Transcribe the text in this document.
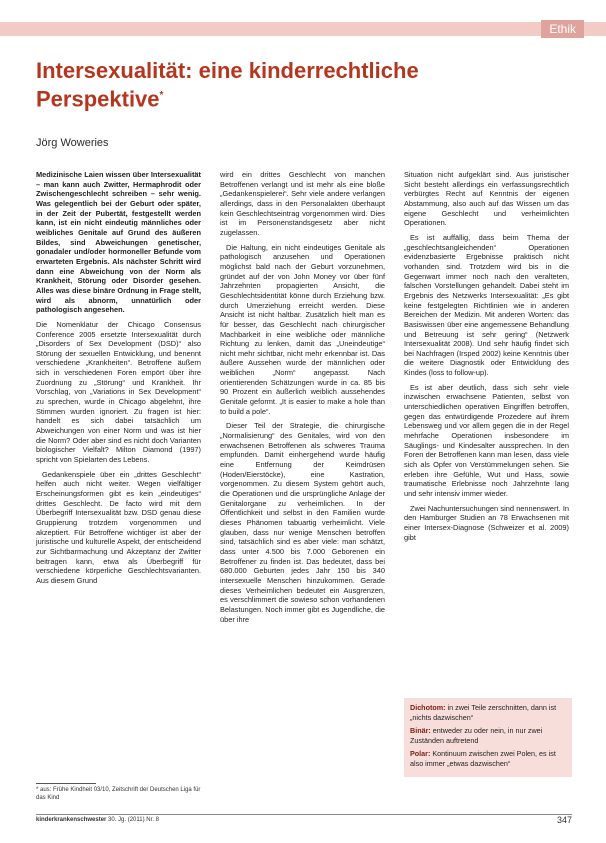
Ethik
Intersexualität: eine kinderrechtliche Perspektive*
Jörg Woweries

Medizinische Laien wissen über Intersexualität – man kann auch Zwitter, Hermaphrodit oder Zwischengeschlecht schreiben – sehr wenig. Was gelegentlich bei der Geburt oder später, in der Zeit der Pubertät, festgestellt werden kann, ist ein nicht eindeutig männliches oder weibliches Genitale auf Grund des äußeren Bildes, sind Abweichungen genetischer, gonadaler und/oder hormoneller Befunde vom erwarteten Ergebnis. Als nächster Schritt wird dann eine Abweichung von der Norm als Krankheit, Störung oder Disorder gesehen. Alles was diese binäre Ordnung in Frage stellt, wird als abnorm, unnatürlich oder pathologisch angesehen.

Die Nomenklatur der Chicago Consensus Conference 2005 ersetzte Intersexualität durch „Disorders of Sex Development (DSD)“ also Störung der sexuellen Entwicklung, und benennt verschiedene „Krankheiten“. Betroffene äußern sich in verschiedenen Foren empört über ihre Zuordnung zu „Störung“ und Krankheit. Ihr Vorschlag, von „Variations in Sex Development“ zu sprechen, wurde in Chicago abgelehnt, ihre Stimmen wurden ignoriert. Zu fragen ist hier: handelt es sich dabei tatsächlich um Abweichungen von einer Norm und was ist hier die Norm? Oder aber sind es nicht doch Varianten biologischer Vielfalt? Milton Diamond (1997) spricht von Spielarten des Lebens.

Gedankenspiele über ein „drittes Geschlecht“ helfen auch nicht weiter. Wegen vielfältiger Erscheinungsformen gibt es kein „eindeutiges“ drittes Geschlecht. De facto wird mit dem Überbegriff Intersexualität bzw. DSD genau diese Gruppierung trotzdem vorgenommen und akzeptiert. Für Betroffene wichtiger ist aber der juristische und kulturelle Aspekt, der entscheidend zur Sichtbarmachung und Akzeptanz der Zwitter beitragen kann, etwa als Überbegriff für verschiedene körperliche Geschlechtsvarianten. Aus diesem Grund

wird ein drittes Geschlecht von manchen Betroffenen verlangt und ist mehr als eine bloße „Gedankenspielerei“. Sehr viele andere verlangen allerdings, dass in den Personalakten überhaupt kein Geschlechtseintrag vorgenommen wird. Dies ist im Personenstandsgesetz aber nicht zugelassen.

Die Haltung, ein nicht eindeutiges Genitale als pathologisch anzusehen und Operationen möglichst bald nach der Geburt vorzunehmen, gründet auf der von John Money vor über fünf Jahrzehnten propagierten Ansicht, die Geschlechtsidentität könne durch Erziehung bzw. durch Umerziehung erreicht werden. Diese Ansicht ist nicht haltbar. Zusätzlich hielt man es für besser, das Geschlecht nach chirurgischer Machbarkeit in eine weibliche oder männliche Richtung zu lenken, damit das „Uneindeutige“ nicht mehr sichtbar, nicht mehr erkennbar ist. Das äußere Aussehen wurde der männlichen oder weiblichen „Norm“ angepasst. Nach orientierenden Schätzungen wurde in ca. 85 bis 90 Prozent ein äußerlich weiblich aussehendes Genitale geformt. „It is easier to make a hole than to build a pole“.

Dieser Teil der Strategie, die chirurgische „Normalisierung“ des Genitales, wird von den erwachsenen Betroffenen als schweres Trauma empfunden. Damit einhergehend wurde häufig eine Entfernung der Keimdrüsen (Hoden/Eierstöcke), eine Kastration, vorgenommen. Zu diesem System gehört auch, die Operationen und die ursprüngliche Anlage der Genitalorgane zu verheimlichen. In der Öffentlichkeit und selbst in den Familien wurde dieses Phänomen tabuartig verheimlicht. Viele glauben, dass nur wenige Menschen betroffen sind, tatsächlich sind es aber viele: man schätzt, dass unter 4.500 bis 7.000 Geborenen ein Betroffener zu finden ist. Das bedeutet, dass bei 680.000 Geburten jedes Jahr 150 bis 340 intersexuelle Menschen hinzukommen. Gerade dieses Verheimlichen bedeutet ein Ausgrenzen, es verschlimmert die sowieso schon vorhandenen Belastungen. Noch immer gibt es Jugendliche, die über ihre

Situation nicht aufgeklärt sind. Aus juristischer Sicht besteht allerdings ein verfassungsrechtlich verbürgtes Recht auf Kenntnis der eigenen Abstammung, also auch auf das Wissen um das eigene Geschlecht und verheimlichten Operationen.

Es ist auffällig, dass beim Thema der „geschlechtsangleichenden“ Operationen evidenzbasierte Ergebnisse praktisch nicht vorhanden sind. Trotzdem wird bis in die Gegenwart immer noch nach den veralteten, falschen Vorstellungen gehandelt. Dabei steht im Ergebnis des Netzwerks Intersexualität: „Es gibt keine festgelegten Richtlinien wie in anderen Bereichen der Medizin. Mit anderen Worten: das Basiswissen über eine angemessene Behandlung und Betreuung ist sehr gering“ (Netzwerk Intersexualität 2008). Und sehr häufig findet sich bei Nachfragen (Irsped 2002) keine Kenntnis über die weitere Diagnostik oder Entwicklung des Kindes (loss to follow-up).

Es ist aber deutlich, dass sich sehr viele inzwischen erwachsene Patienten, selbst von unterschiedlichen operativen Eingriffen betroffen, gegen das entwürdigende Prozedere auf ihrem Lebensweg und vor allem gegen die in der Regel mehrfache Operationen insbesondere im Säuglings- und Kindesalter aussprechen. In den Foren der Betroffenen kann man lesen, dass viele sich als Opfer von Verstümmelungen sehen. Sie erleben ihre Gefühle, Wut und Hass, sowie traumatische Erlebnisse noch Jahrzehnte lang und sehr intensiv immer wieder.

Zwei Nachuntersuchungen sind nennenswert. In den Hamburger Studien an 78 Erwachsenen mit einer Intersex-Diagnose (Schweizer et al. 2009) gibt

Dichotom: in zwei Teile zerschnitten, dann ist „nichts dazwischen“

Binär: entweder zu oder nein, in nur zwei Zuständen auftretend

Polar: Kontinuum zwischen zwei Polen, es ist also immer „etwas dazwischen“

* aus: Frühe Kindheit 03/10, Zeitschrift der Deutschen Liga für das Kind
kinderkrankenschwester 30. Jg. (2011) Nr. 8	347
